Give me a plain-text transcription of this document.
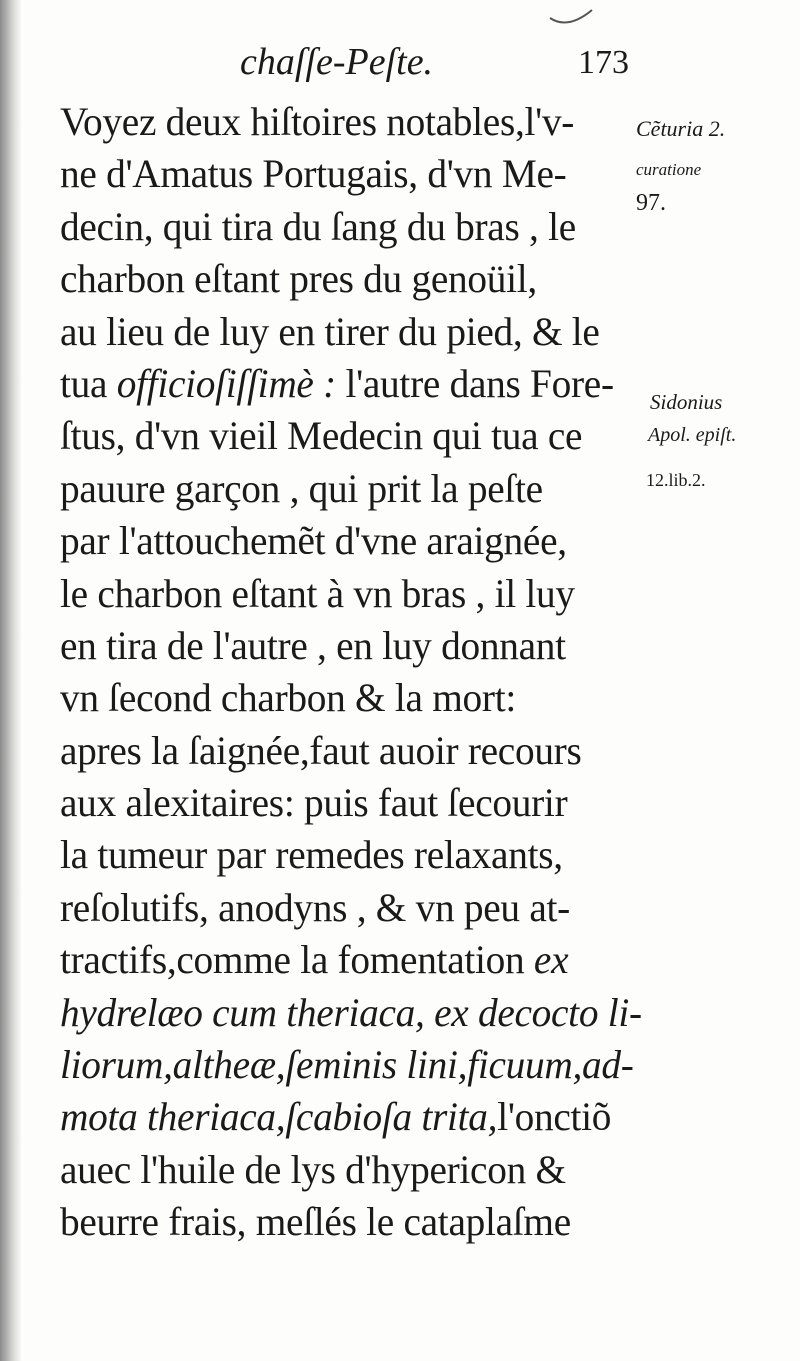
chaſſe-Peſte.	173
Voyez deux hiſtoires notables,l'v-
ne d'Amatus Portugais, d'vn Me-
decin, qui tira du ſang du bras , le
charbon eſtant pres du genoüil,
au lieu de luy en tirer du pied, & le
tua officioſiſſimè : l'autre dans Fore-
ſtus, d'vn vieil Medecin qui tua ce
pauure garçon , qui prit la peſte
par l'attouchemẽt d'vne araignée,
le charbon eſtant à vn bras , il luy
en tira de l'autre , en luy donnant
vn ſecond charbon & la mort:
apres la ſaignée,faut auoir recours
aux alexitaires: puis faut ſecourir
la tumeur par remedes relaxants,
reſolutifs, anodyns , & vn peu at-
tractifs,comme la fomentation ex
hydrelæo cum theriaca, ex decocto li-
liorum,altheæ,ſeminis lini,ficuum,ad-
mota theriaca,ſcabioſa trita,l'onctiõ
auec l'huile de lys d'hypericon &
beurre frais, meſlés le cataplaſme
Cẽturia 2.
curatione
97.
Sidonius
Apol. epiſt.
12.lib.2.
